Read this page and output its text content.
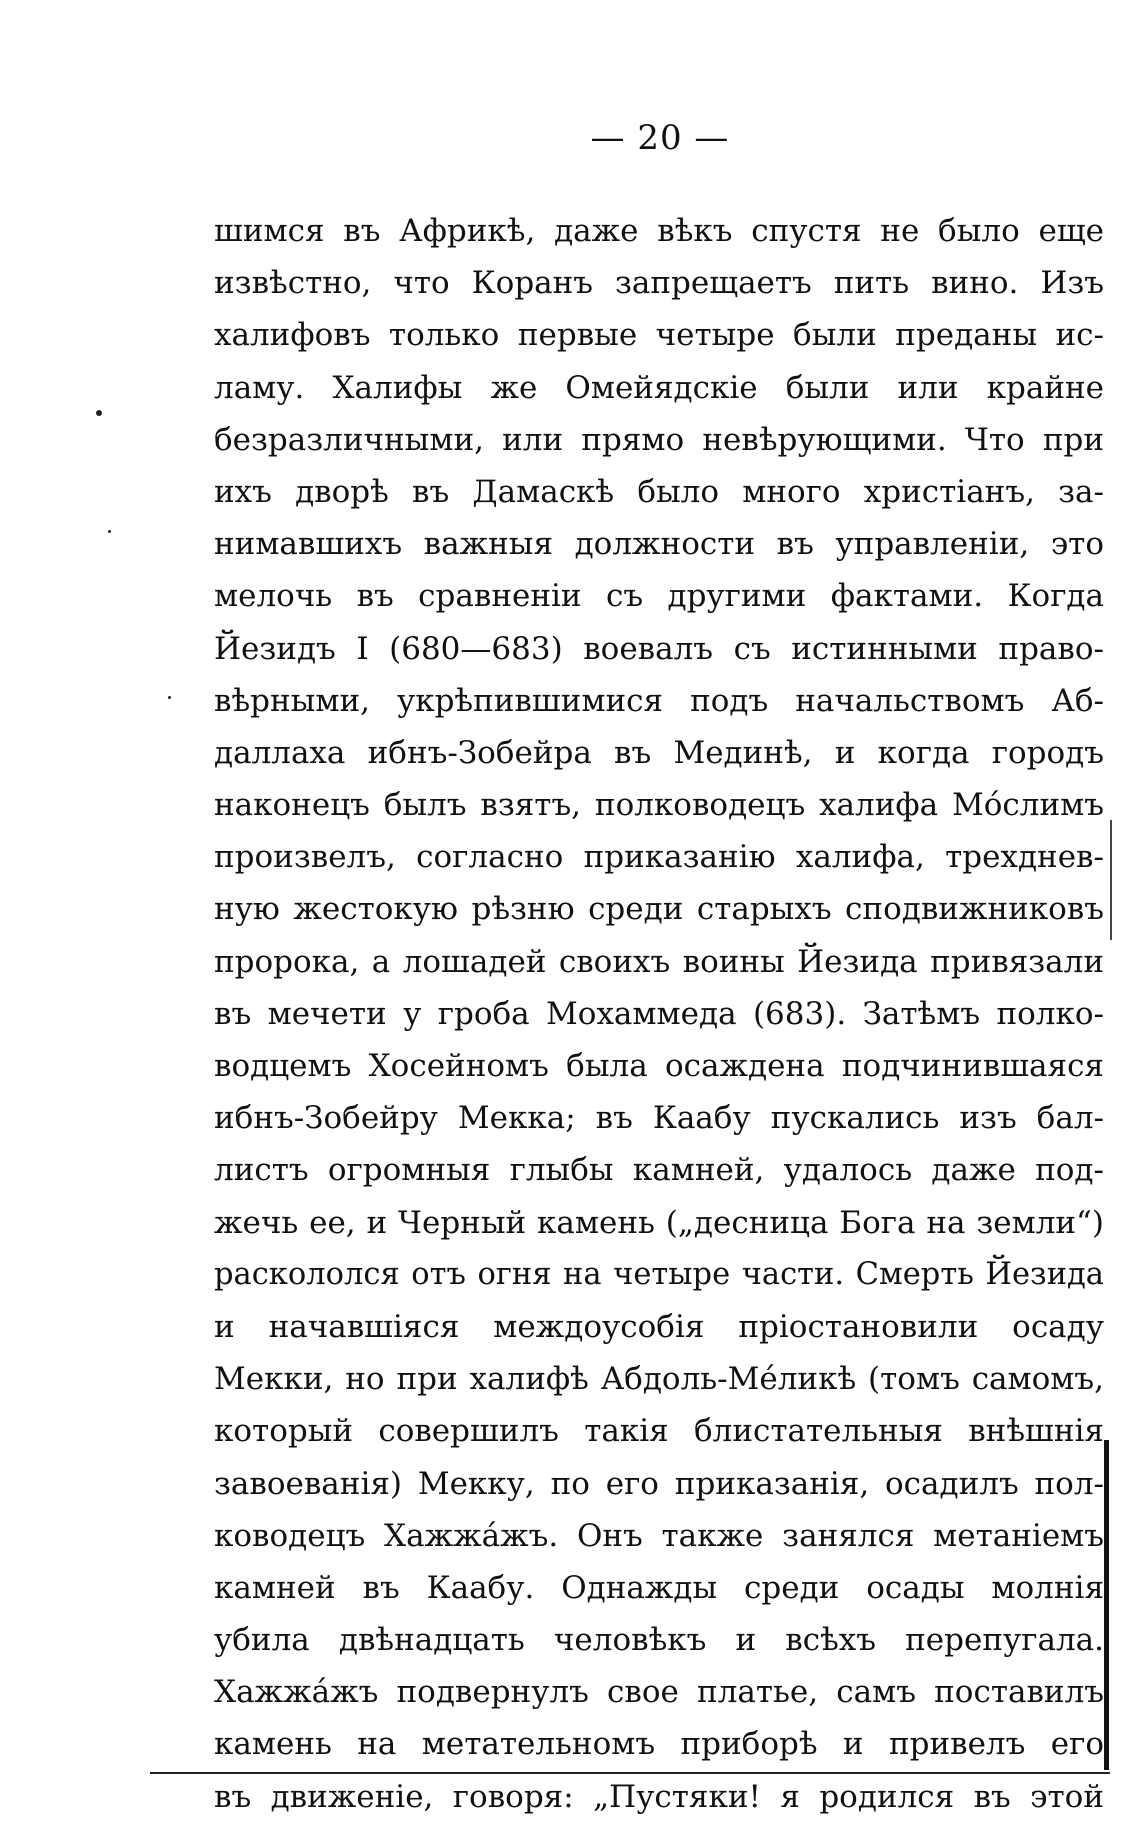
— 20 —
шимся въ Африкѣ, даже вѣкъ спустя не было еще
извѣстно, что Коранъ запрещаетъ пить вино. Изъ
халифовъ только первые четыре были преданы ис-
ламу. Халифы же Омейядскіе были или крайне
безразличными, или прямо невѣрующими. Что при
ихъ дворѣ въ Дамаскѣ было много христіанъ, за-
нимавшихъ важныя должности въ управленіи, это
мелочь въ сравненіи съ другими фактами. Когда
Йезидъ I (680—683) воевалъ съ истинными право-
вѣрными, укрѣпившимися подъ начальствомъ Аб-
даллаха ибнъ-Зобейра въ Мединѣ, и когда городъ
наконецъ былъ взятъ, полководецъ халифа Мóслимъ
произвелъ, согласно приказанію халифа, трехднев-
ную жестокую рѣзню среди старыхъ сподвижниковъ
пророка, а лошадей своихъ воины Йезида привязали
въ мечети у гроба Мохаммеда (683). Затѣмъ полко-
водцемъ Хосейномъ была осаждена подчинившаяся
ибнъ-Зобейру Мекка; въ Каабу пускались изъ бал-
листъ огромныя глыбы камней, удалось даже под-
жечь ее, и Черный камень („десница Бога на земли“)
раскололся отъ огня на четыре части. Смерть Йезида
и начавшіяся междоусобія пріостановили осаду
Мекки, но при халифѣ Абдоль-Мéликѣ (томъ самомъ,
который совершилъ такія блистательныя внѣшнія
завоеванія) Мекку, по его приказанія, осадилъ пол-
ководецъ Хажжáжъ. Онъ также занялся метаніемъ
камней въ Каабу. Однажды среди осады молнія
убила двѣнадцать человѣкъ и всѣхъ перепугала.
Хажжáжъ подвернулъ свое платье, самъ поставилъ
камень на метательномъ приборѣ и привелъ его
въ движеніе, говоря: „Пустяки! я родился въ этой
